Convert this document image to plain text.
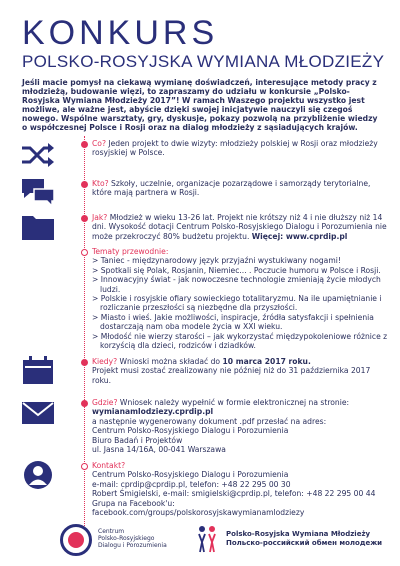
KONKURS
POLSKO-ROSYJSKA WYMIANA MŁODZIEŻY
Jeśli macie pomysł na ciekawą wymianę doświadczeń, interesujące metody pracy z młodzieżą, budowanie więzi, to zapraszamy do udziału w konkursie „Polsko-Rosyjska Wymiana Młodzieży 2017”! W ramach Waszego projektu wszystko jest możliwe, ale ważne jest, abyście dzięki swojej inicjatywie nauczyli się czegoś nowego. Wspólne warsztaty, gry, dyskusje, pokazy pozwolą na przybliżenie wiedzy o współczesnej Polsce i Rosji oraz na dialog młodzieży z sąsiadujących krajów.
Co? Jeden projekt to dwie wizyty: młodzieży polskiej w Rosji oraz młodzieży rosyjskiej w Polsce.
Kto? Szkoły, uczelnie, organizacje pozarządowe i samorządy terytorialne, które mają partnera w Rosji.
Jak? Młodzież w wieku 13-26 lat. Projekt nie krótszy niż 4 i nie dłuższy niż 14 dni. Wysokość dotacji Centrum Polsko-Rosyjskiego Dialogu i Porozumienia nie może przekroczyć 80% budżetu projektu. Więcej: www.cprdip.pl
Tematy przewodnie:
> Taniec - międzynarodowy język przyjaźni wystukiwany nogami!
> Spotkali się Polak, Rosjanin, Niemiec... . Poczucie humoru w Polsce i Rosji.
> Innowacyjny świat - jak nowoczesne technologie zmieniają życie młodych ludzi.
> Polskie i rosyjskie ofiary sowieckiego totalitaryzmu. Na ile upamiętnianie i rozliczanie przeszłości są niezbędne dla przyszłości.
> Miasto i wieś. Jakie możliwości, inspiracje, źródła satysfakcji i spełnienia dostarczają nam oba modele życia w XXI wieku.
> Młodość nie wierzy starości – jak wykorzystać międzypokoleniowe różnice z korzyścią dla dzieci, rodziców i dziadków.
Kiedy? Wnioski można składać do 10 marca 2017 roku.
Projekt musi zostać zrealizowany nie później niż do 31 października 2017 roku.
Gdzie? Wniosek należy wypełnić w formie elektronicznej na stronie:
wymianamlodziezy.cprdip.pl
a następnie wygenerowany dokument .pdf przesłać na adres:
Centrum Polsko-Rosyjskiego Dialogu i Porozumienia
Biuro Badań i Projektów
ul. Jasna 14/16A, 00-041 Warszawa
Kontakt?
Centrum Polsko-Rosyjskiego Dialogu i Porozumienia
e-mail: cprdip@cprdip.pl, telefon: +48 22 295 00 30
Robert Śmigielski, e-mail: smigielski@cprdip.pl, telefon: +48 22 295 00 44
Grupa na Facebook'u: facebook.com/groups/polskorosyjskawymianamlodziezy
Centrum
Polsko-Rosyjskiego
Dialogu i Porozumienia
Polsko-Rosyjska Wymiana Młodzieży
Польско-российский обмен молодежи
